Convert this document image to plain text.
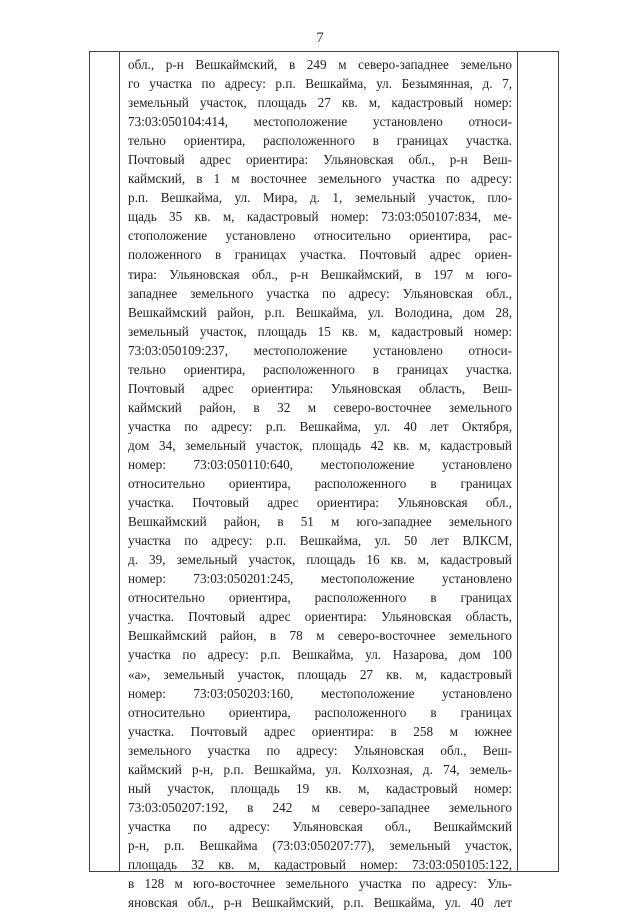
7
обл., р-н Вешкаймский, в 249 м северо-западнее земельно
го участка по адресу: р.п. Вешкайма, ул. Безымянная, д. 7,
земельный участок, площадь 27 кв. м, кадастровый номер:
73:03:050104:414, местоположение установлено относи-
тельно ориентира, расположенного в границах участка.
Почтовый адрес ориентира: Ульяновская обл., р-н Веш-
каймский, в 1 м восточнее земельного участка по адресу:
р.п. Вешкайма, ул. Мира, д. 1, земельный участок, пло-
щадь 35 кв. м, кадастровый номер: 73:03:050107:834, ме-
стоположение установлено относительно ориентира, рас-
положенного в границах участка. Почтовый адрес ориен-
тира: Ульяновская обл., р-н Вешкаймский, в 197 м юго-
западнее земельного участка по адресу: Ульяновская обл.,
Вешкаймский район, р.п. Вешкайма, ул. Володина, дом 28,
земельный участок, площадь 15 кв. м, кадастровый номер:
73:03:050109:237, местоположение установлено относи-
тельно ориентира, расположенного в границах участка.
Почтовый адрес ориентира: Ульяновская область, Веш-
каймский район, в 32 м северо-восточнее земельного
участка по адресу: р.п. Вешкайма, ул. 40 лет Октября,
дом 34, земельный участок, площадь 42 кв. м, кадастровый
номер: 73:03:050110:640, местоположение установлено
относительно ориентира, расположенного в границах
участка. Почтовый адрес ориентира: Ульяновская обл.,
Вешкаймский район, в 51 м юго-западнее земельного
участка по адресу: р.п. Вешкайма, ул. 50 лет ВЛКСМ,
д. 39, земельный участок, площадь 16 кв. м, кадастровый
номер: 73:03:050201:245, местоположение установлено
относительно ориентира, расположенного в границах
участка. Почтовый адрес ориентира: Ульяновская область,
Вешкаймский район, в 78 м северо-восточнее земельного
участка по адресу: р.п. Вешкайма, ул. Назарова, дом 100
«а», земельный участок, площадь 27 кв. м, кадастровый
номер: 73:03:050203:160, местоположение установлено
относительно ориентира, расположенного в границах
участка. Почтовый адрес ориентира: в 258 м южнее
земельного участка по адресу: Ульяновская обл., Веш-
каймский р-н, р.п. Вешкайма, ул. Колхозная, д. 74, земель-
ный участок, площадь 19 кв. м, кадастровый номер:
73:03:050207:192, в 242 м северо-западнее земельного
участка по адресу: Ульяновская обл., Вешкаймский
р-н, р.п. Вешкайма (73:03:050207:77), земельный участок,
площадь 32 кв. м, кадастровый номер: 73:03:050105:122,
в 128 м юго-восточнее земельного участка по адресу: Уль-
яновская обл., р-н Вешкаймский, р.п. Вешкайма, ул. 40 лет
